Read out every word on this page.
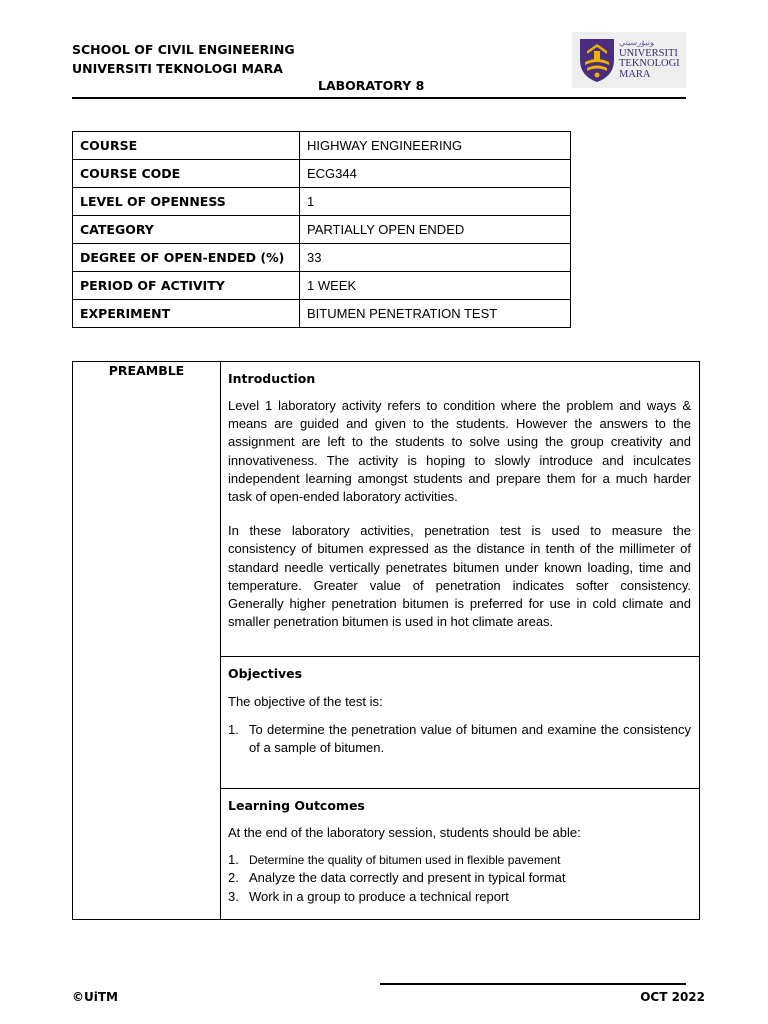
SCHOOL OF CIVIL ENGINEERING
UNIVERSITI TEKNOLOGI MARA
LABORATORY 8
ﻮﻧﻴﯚﺭﺳﻴﺘﻲ
UNIVERSITI
TEKNOLOGI
MARA
COURSE	HIGHWAY ENGINEERING
COURSE CODE	ECG344
LEVEL OF OPENNESS	1
CATEGORY	PARTIALLY OPEN ENDED
DEGREE OF OPEN-ENDED (%)	33
PERIOD OF ACTIVITY	1 WEEK
EXPERIMENT	BITUMEN PENETRATION TEST
PREAMBLE
Introduction

Level 1 laboratory activity refers to condition where the problem and ways & means are guided and given to the students. However the answers to the assignment are left to the students to solve using the group creativity and innovativeness. The activity is hoping to slowly introduce and inculcates independent learning amongst students and prepare them for a much harder task of open-ended laboratory activities.

In these laboratory activities, penetration test is used to measure the consistency of bitumen expressed as the distance in tenth of the millimeter of standard needle vertically penetrates bitumen under known loading, time and temperature. Greater value of penetration indicates softer consistency. Generally higher penetration bitumen is preferred for use in cold climate and smaller penetration bitumen is used in hot climate areas.

Objectives

The objective of the test is:

1. To determine the penetration value of bitumen and examine the consistency of a sample of bitumen.
Learning Outcomes

At the end of the laboratory session, students should be able:

1. Determine the quality of bitumen used in flexible pavement
2. Analyze the data correctly and present in typical format
3. Work in a group to produce a technical report
©UiTM	OCT 2022
